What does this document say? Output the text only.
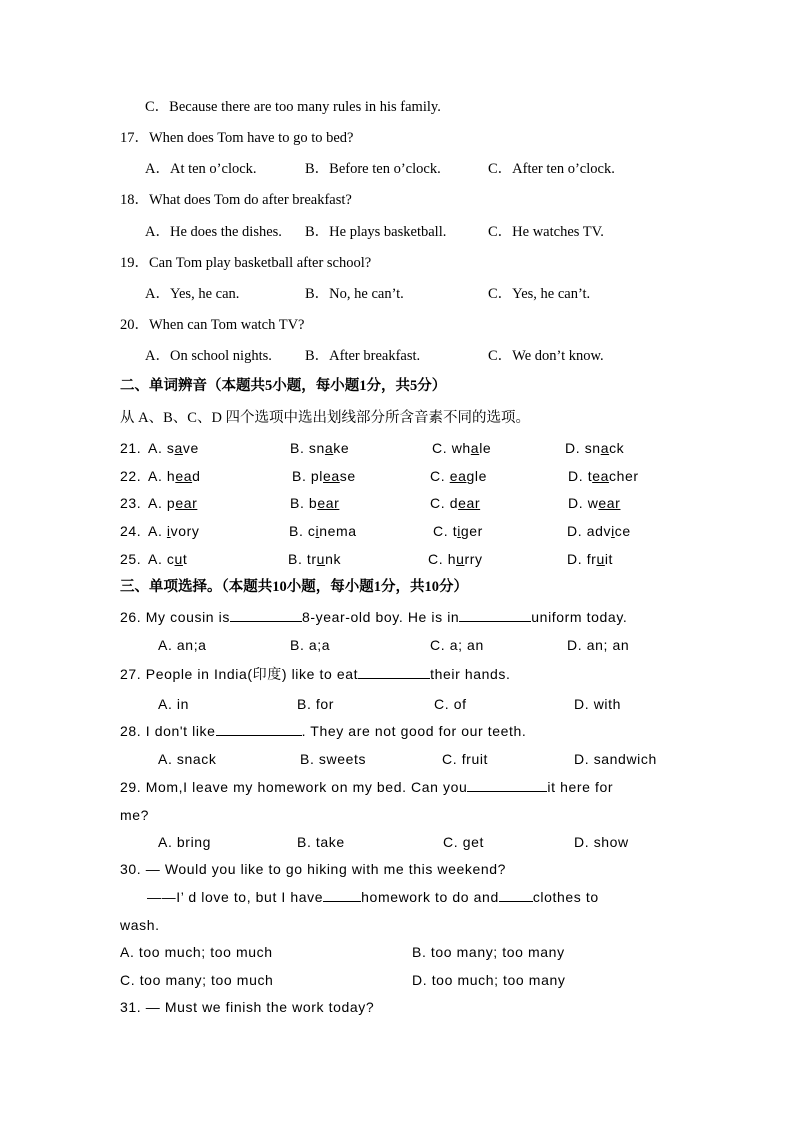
C．Because there are too many rules in his family.
17．When does Tom have to go to bed?
A．At ten o’clock.	B．Before ten o’clock.	C．After ten o’clock.
18．What does Tom do after breakfast?
A．He does the dishes. B．He plays basketball.	C．He watches TV.
19．Can Tom play basketball after school?
A．Yes, he can.	B．No, he can’t.	C．Yes, he can’t.
20．When can Tom watch TV?
A．On school nights. B．After breakfast.	C．We don’t know.
二、单词辨音（本题共5小题，每小题1分，共5分）
从 A、B、C、D 四个选项中选出划线部分所含音素不同的选项。
21. A. save	B. snake	C. whale	D. snack
22. A. head	B. please	C. eagle	D. teacher
23. A. pear	B. bear	C. dear	D. wear
24. A. ivory	B. cinema	C. tiger	D. advice
25. A. cut	B. trunk	C. hurry	D. fruit
三、单项选择。（本题共10小题，每小题1分，共10分）
26. My cousin is	8-year-old boy. He is in	uniform today.
A. an;a	B. a;a	C. a; an	D. an; an
27. People in India(印度) like to eat	their hands.
A. in	B. for	C. of	D. with
28. I don't like	. They are not good for our teeth.
A. snack	B. sweets	C. fruit	D. sandwich
29. Mom,I leave my homework on my bed. Can you	it here for
me?
A. bring	B. take	C. get	D. show
30. — Would you like to go hiking with me this weekend?
——I’ d love to, but I have	homework to do and clothes to
wash.
A. too much; too much	B. too many; too many
C. too many; too much	D. too much; too many
31. — Must we finish the work today?
